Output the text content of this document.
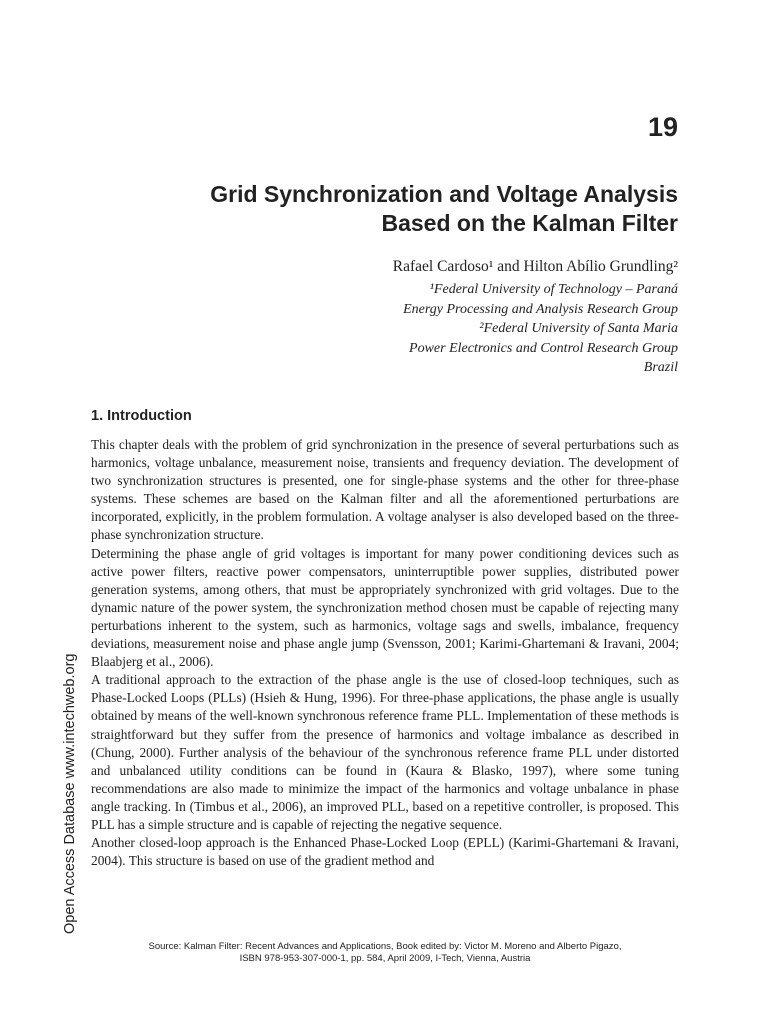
19
Grid Synchronization and Voltage Analysis
Based on the Kalman Filter
Rafael Cardoso¹ and Hilton Abílio Grundling²
¹Federal University of Technology – Paraná
Energy Processing and Analysis Research Group
²Federal University of Santa Maria
Power Electronics and Control Research Group
Brazil
1. Introduction

This chapter deals with the problem of grid synchronization in the presence of several perturbations such as harmonics, voltage unbalance, measurement noise, transients and frequency deviation. The development of two synchronization structures is presented, one for single-phase systems and the other for three-phase systems. These schemes are based on the Kalman filter and all the aforementioned perturbations are incorporated, explicitly, in the problem formulation. A voltage analyser is also developed based on the three-phase synchronization structure.

Determining the phase angle of grid voltages is important for many power conditioning devices such as active power filters, reactive power compensators, uninterruptible power supplies, distributed power generation systems, among others, that must be appropriately synchronized with grid voltages. Due to the dynamic nature of the power system, the synchronization method chosen must be capable of rejecting many perturbations inherent to the system, such as harmonics, voltage sags and swells, imbalance, frequency deviations, measurement noise and phase angle jump (Svensson, 2001; Karimi-Ghartemani & Iravani, 2004; Blaabjerg et al., 2006).

A traditional approach to the extraction of the phase angle is the use of closed-loop techniques, such as Phase-Locked Loops (PLLs) (Hsieh & Hung, 1996). For three-phase applications, the phase angle is usually obtained by means of the well-known synchronous reference frame PLL. Implementation of these methods is straightforward but they suffer from the presence of harmonics and voltage imbalance as described in (Chung, 2000). Further analysis of the behaviour of the synchronous reference frame PLL under distorted and unbalanced utility conditions can be found in (Kaura & Blasko, 1997), where some tuning recommendations are also made to minimize the impact of the harmonics and voltage unbalance in phase angle tracking. In (Timbus et al., 2006), an improved PLL, based on a repetitive controller, is proposed. This PLL has a simple structure and is capable of rejecting the negative sequence.

Another closed-loop approach is the Enhanced Phase-Locked Loop (EPLL) (Karimi-Ghartemani & Iravani, 2004). This structure is based on use of the gradient method and

Open Access Database www.intechweb.org
Source: Kalman Filter: Recent Advances and Applications, Book edited by: Victor M. Moreno and Alberto Pigazo,
ISBN 978-953-307-000-1, pp. 584, April 2009, I-Tech, Vienna, Austria
